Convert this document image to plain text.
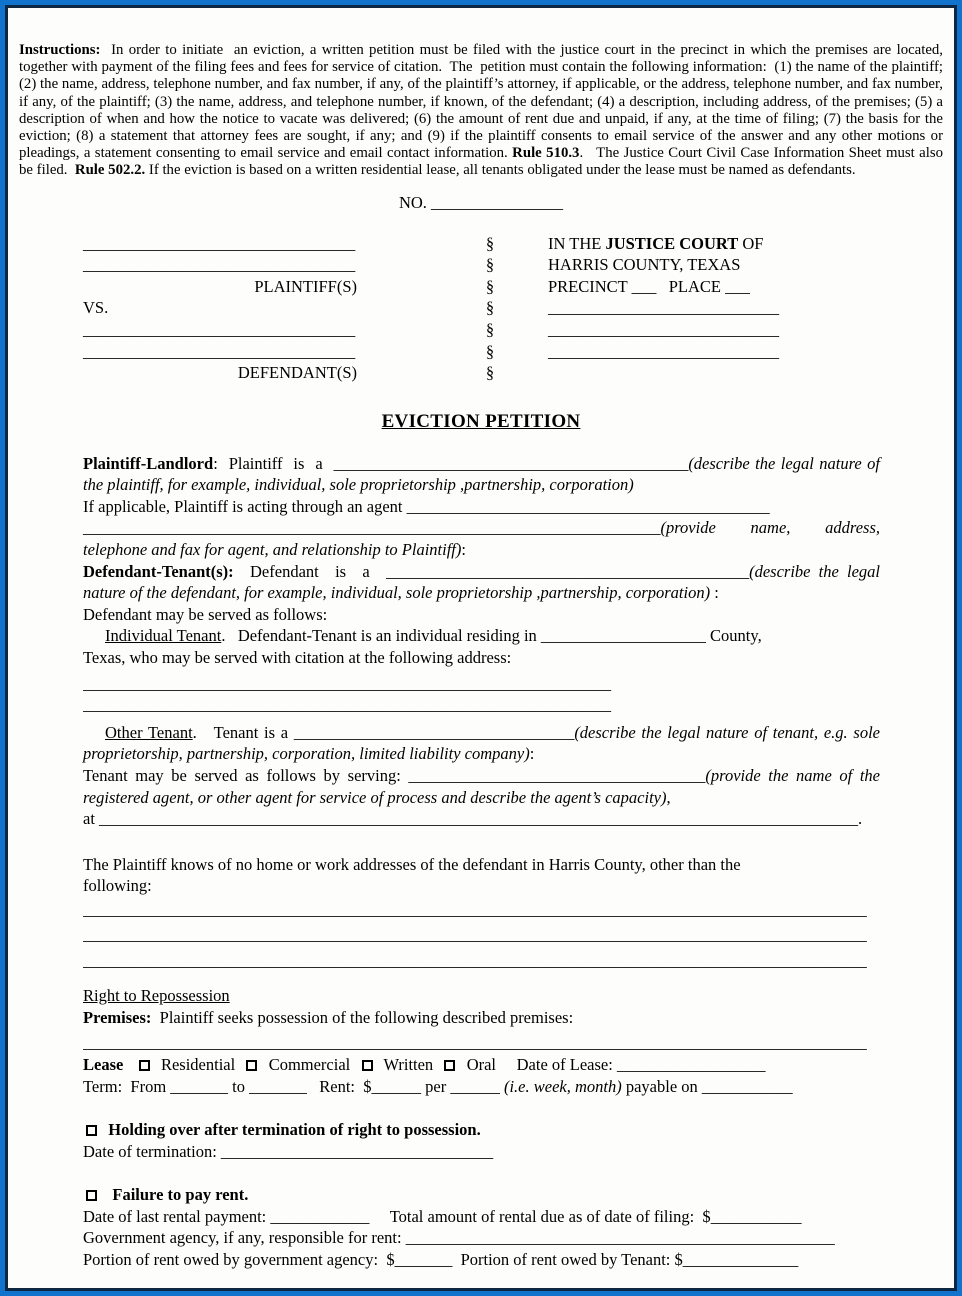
Instructions:  In order to initiate  an eviction, a written petition must be filed with the justice court in the precinct in which the premises are located, together with payment of the filing fees and fees for service of citation.  The  petition must contain the following information:  (1) the name of the plaintiff; (2) the name, address, telephone number, and fax number, if any, of the plaintiff’s attorney, if applicable, or the address, telephone number, and fax number, if any, of the plaintiff; (3) the name, address, and telephone number, if known, of the defendant; (4) a description, including address, of the premises; (5) a description of when and how the notice to vacate was delivered; (6) the amount of rent due and unpaid, if any, at the time of filing; (7) the basis for the eviction; (8) a statement that attorney fees are sought, if any; and (9) if the plaintiff consents to email service of the answer and any other motions or pleadings, a statement consenting to email service and email contact information. Rule 510.3.   The Justice Court Civil Case Information Sheet must also be filed.  Rule 502.2. If the eviction is based on a written residential lease, all tenants obligated under the lease must be named as defendants.

NO. ________________
_________________________________
_________________________________
PLAINTIFF(S)
VS.
_________________________________
_________________________________
DEFENDANT(S)
§
§
§
§
§
§
§
IN THE JUSTICE COURT OF
HARRIS COUNTY, TEXAS
PRECINCT ___   PLACE ___
____________________________
____________________________
____________________________
EVICTION PETITION

Plaintiff-Landlord:  Plaintiff  is  a  ___________________________________________(describe the legal nature of the plaintiff, for example, individual, sole proprietorship ,partnership, corporation)
If applicable, Plaintiff is acting through an agent ____________________________________________
______________________________________________________________________(provide name, address, telephone and fax for agent, and relationship to Plaintiff):

Defendant-Tenant(s):  Defendant  is  a  ____________________________________________(describe the legal nature of the defendant, for example, individual, sole proprietorship ,partnership, corporation) :
Defendant may be served as follows:

Individual Tenant.   Defendant-Tenant is an individual residing in ____________________ County,
Texas, who may be served with citation at the following address:

________________________________________________________________
________________________________________________________________

Other Tenant.   Tenant is a __________________________________(describe the legal nature of tenant, e.g. sole proprietorship, partnership, corporation, limited liability company):
Tenant may be served as follows by serving: ____________________________________(provide the name of the registered agent, or other agent for service of process and describe the agent’s capacity),
at ____________________________________________________________________________________________.

The Plaintiff knows of no home or work addresses of the defendant in Harris County, other than the
following:

_______________________________________________________________________________________________
_______________________________________________________________________________________________
_______________________________________________________________________________________________

Right to Repossession

Premises:  Plaintiff seeks possession of the following described premises:

_______________________________________________________________________________________________

Lease     Residential    Commercial    Written    Oral     Date of Lease: __________________

Term:  From _______ to _______   Rent:  $______ per ______ (i.e. week, month) payable on ___________

Holding over after termination of right to possession.

Date of termination: _________________________________

Failure to pay rent.

Date of last rental payment: ____________     Total amount of rental due as of date of filing:  $___________

Government agency, if any, responsible for rent: ____________________________________________________

Portion of rent owed by government agency:  $_______  Portion of rent owed by Tenant: $______________
